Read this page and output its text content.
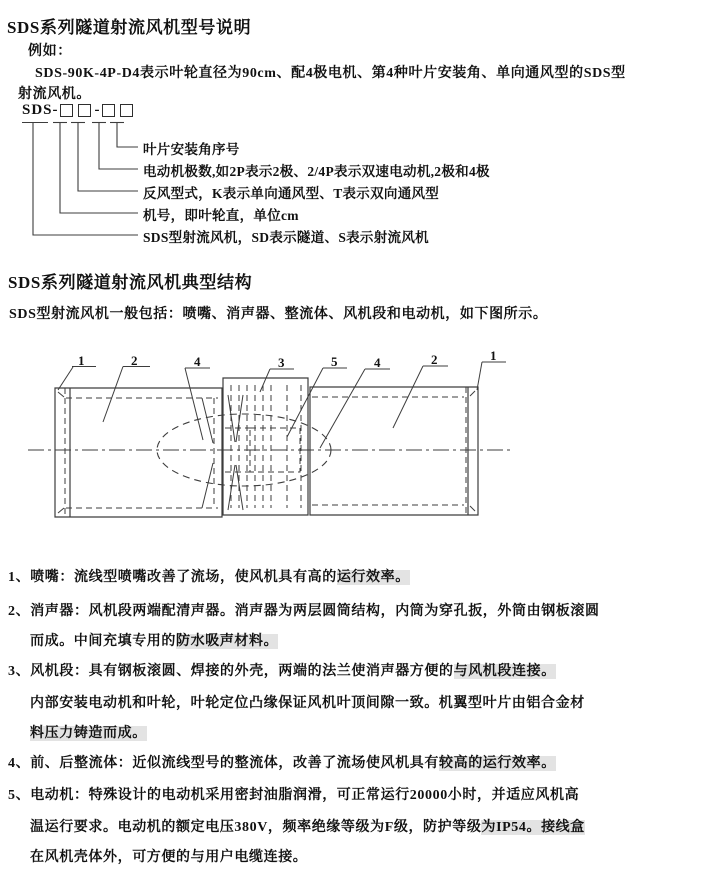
SDS系列隧道射流风机型号说明
例如：
SDS-90K-4P-D4表示叶轮直径为90cm、配4极电机、第4种叶片安装角、单向通风型的SDS型
射流风机。
SDS- -
叶片安装角序号
电动机极数,如2P表示2极、2/4P表示双速电动机,2极和4极
反风型式，K表示单向通风型、T表示双向通风型
机号，即叶轮直，单位cm
SDS型射流风机，SD表示隧道、S表示射流风机
SDS系列隧道射流风机典型结构
SDS型射流风机一般包括：喷嘴、消声器、整流体、风机段和电动机，如下图所示。
1	2	4	3	5	4	2	1
1、喷嘴：流线型喷嘴改善了流场，使风机具有高的运行效率。
2、消声器：风机段两端配清声器。消声器为两层圆筒结构，内筒为穿孔扳，外筒由钢板滚圆
而成。中间充填专用的防水吸声材料。
3、风机段：具有钢板滚圆、焊接的外壳，两端的法兰使消声器方便的与风机段连接。
内部安装电动机和叶轮，叶轮定位凸缘保证风机叶顶间隙一致。机翼型叶片由铝合金材
料压力铸造而成。
4、前、后整流体：近似流线型号的整流体，改善了流场使风机具有较高的运行效率。
5、电动机：特殊设计的电动机采用密封油脂润滑，可正常运行20000小时，并适应风机高
温运行要求。电动机的额定电压380V，频率绝缘等级为F级，防护等级为IP54。接线盒
在风机壳体外，可方便的与用户电缆连接。
